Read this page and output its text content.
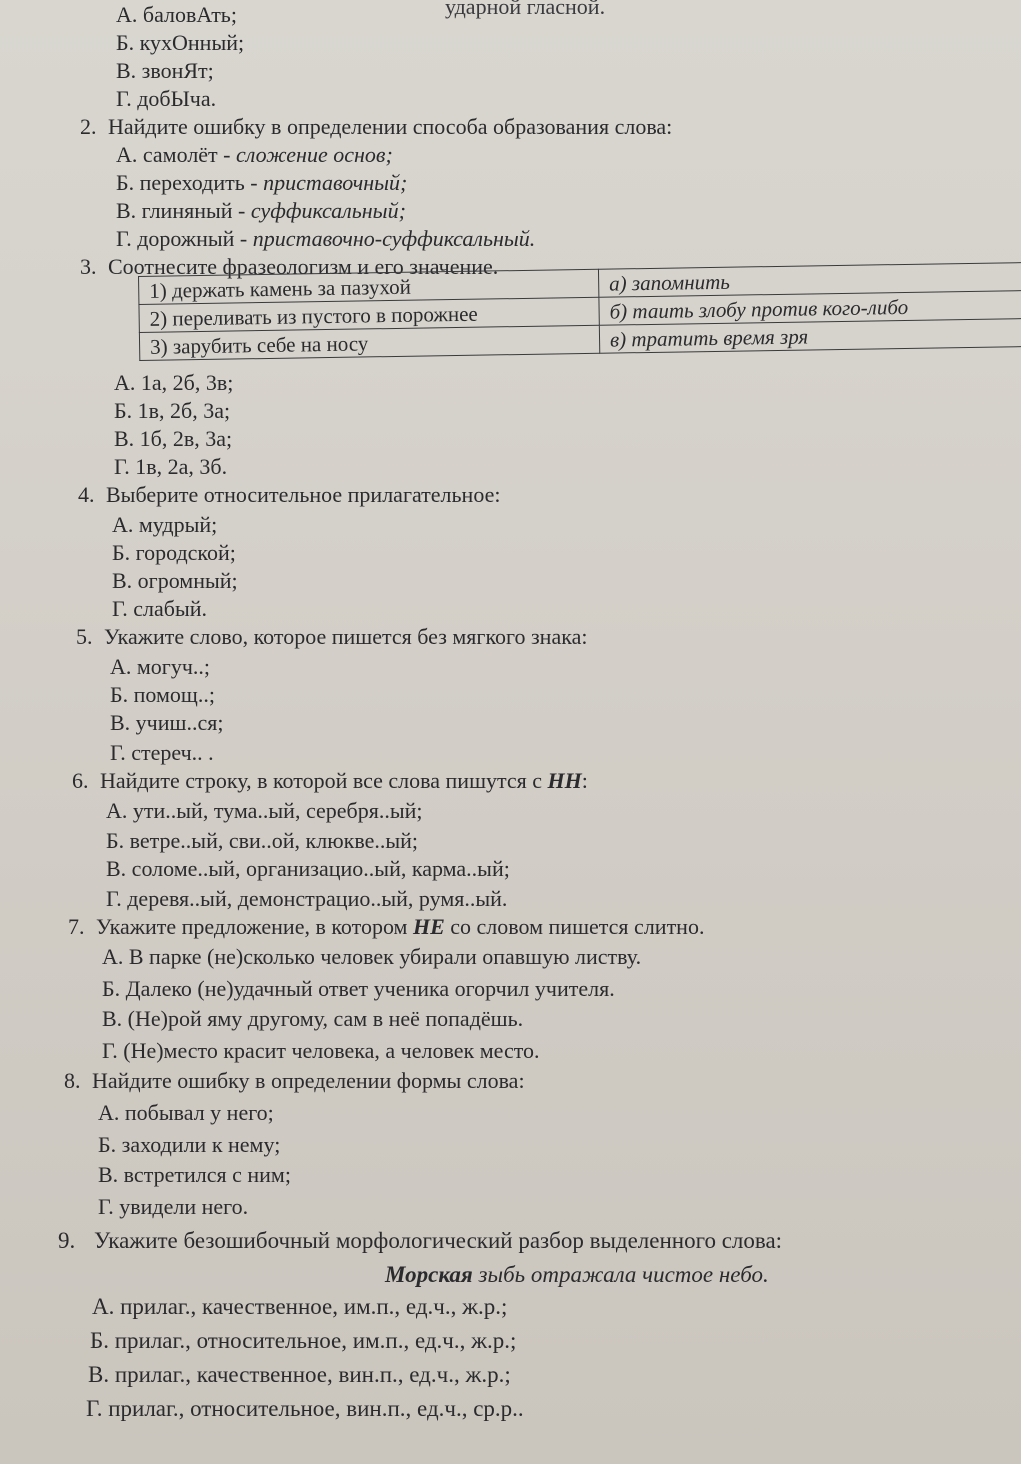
ударной гласной.
А. баловАть;
Б. кухОнный;
В. звонЯт;
Г. добЫча.
2. Найдите ошибку в определении способа образования слова:
А. самолёт - сложение основ;
Б. переходить - приставочный;
В. глиняный - суффиксальный;
Г. дорожный - приставочно-суффиксальный.
3. Соотнесите фразеологизм и его значение.
1) держать камень за пазухой	а) запомнить
2) переливать из пустого в порожнее	б) таить злобу против кого-либо
3) зарубить себе на носу	в) тратить время зря
А. 1а, 2б, 3в;
Б. 1в, 2б, 3а;
В. 1б, 2в, 3а;
Г. 1в, 2а, 3б.
4. Выберите относительное прилагательное:
А. мудрый;
Б. городской;
В. огромный;
Г. слабый.
5. Укажите слово, которое пишется без мягкого знака:
А. могуч..;
Б. помощ..;
В. учиш..ся;
Г. стереч.. .
6. Найдите строку, в которой все слова пишутся с НН:
А. ути..ый, тума..ый, серебря..ый;
Б. ветре..ый, сви..ой, клюкве..ый;
В. соломе..ый, организацио..ый, карма..ый;
Г. деревя..ый, демонстрацио..ый, румя..ый.
7. Укажите предложение, в котором НЕ со словом пишется слитно.
А. В парке (не)сколько человек убирали опавшую листву.
Б. Далеко (не)удачный ответ ученика огорчил учителя.
В. (Не)рой яму другому, сам в неё попадёшь.
Г. (Не)место красит человека, а человек место.
8. Найдите ошибку в определении формы слова:
А. побывал у него;
Б. заходили к нему;
В. встретился с ним;
Г. увидели него.
9. Укажите безошибочный морфологический разбор выделенного слова:
Морская зыбь отражала чистое небо.
А. прилаг., качественное, им.п., ед.ч., ж.р.;
Б. прилаг., относительное, им.п., ед.ч., ж.р.;
В. прилаг., качественное, вин.п., ед.ч., ж.р.;
Г. прилаг., относительное, вин.п., ед.ч., ср.р..
